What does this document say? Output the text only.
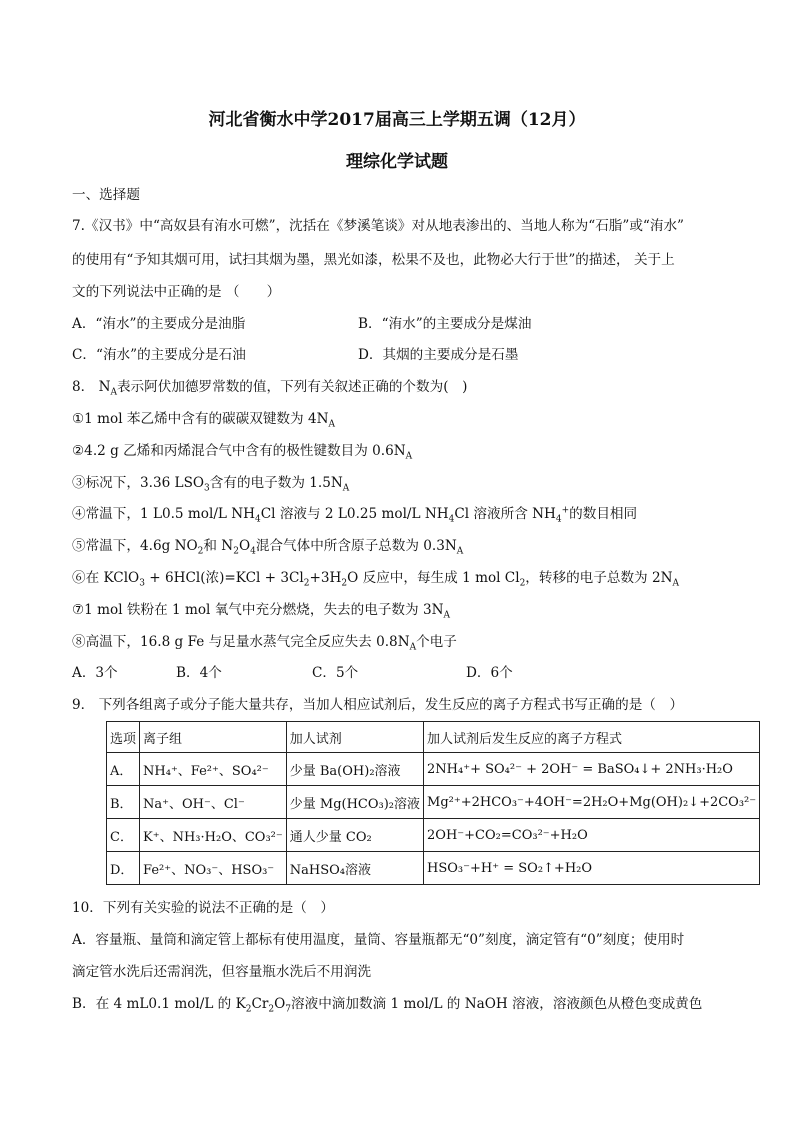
河北省衡水中学2017届高三上学期五调（12月）
理综化学试题
一、选择题
7.《汉书》中“高奴县有洧水可燃”，沈括在《梦溪笔谈》对从地表渗出的、当地人称为“石脂”或“洧水”
的使用有“予知其烟可用，试扫其烟为墨，黑光如漆，松果不及也，此物必大行于世”的描述， 关于上
文的下列说法中正确的是 （　　）
A．“洧水”的主要成分是油脂	B．“洧水”的主要成分是煤油
C．“洧水”的主要成分是石油	D．其烟的主要成分是石墨
8． $N_A$表示阿伏加德罗常数的值，下列有关叙述正确的个数为(　)
①1 mol 苯乙烯中含有的碳碳双键数为 $4N_A$
②4.2 g 乙烯和丙烯混合气中含有的极性键数目为 $0.6N_A$
③标况下，3.36 $LSO_3$含有的电子数为 $1.5N_A$
④常温下，1 L0.5 mol/L $NH_4Cl$ 溶液与 2 L0.25 mol/L $NH_4Cl$ 溶液所含 $NH_4^+$的数目相同
⑤常温下，4.6g $NO_2$和 $N_2O_4$混合气体中所含原子总数为 $0.3N_A$
⑥在 KClO$_3$ + 6HCl(浓)$=KCl + 3Cl_2+3H_2O$ 反应中，每生成 1 mol $Cl_2$，转移的电子总数为 $2N_A$
⑦1 mol 铁粉在 1 mol 氧气中充分燃烧，失去的电子数为 $3N_A$
⑧高温下，16.8 g Fe 与足量水蒸气完全反应失去 $0.8N_A$个电子
A．3个	B．4个	C．5个	D．6个
9． 下列各组离子或分子能大量共存，当加人相应试剂后，发生反应的离子方程式书写正确的是（　）
选项	离子组	加人试剂	加人试剂后发生反应的离子方程式
A．	NH₄⁺、Fe²⁺、SO₄²⁻	少量 Ba(OH)₂溶液	2NH₄⁺+ SO₄²⁻ + 2OH⁻ = BaSO₄↓+ 2NH₃·H₂O
B．	Na⁺、OH⁻、Cl⁻	少量 Mg(HCO₃)₂溶液	Mg²⁺+2HCO₃⁻+4OH⁻=2H₂O+Mg(OH)₂↓+2CO₃²⁻
C．	K⁺、NH₃·H₂O、CO₃²⁻	通人少量 CO₂	2OH⁻+CO₂=CO₃²⁻+H₂O
D．	Fe²⁺、NO₃⁻、HSO₃⁻	NaHSO₄溶液	HSO₃⁻+H⁺ = SO₂↑+H₂O
10．下列有关实验的说法不正确的是（　）
A．容量瓶、量筒和滴定管上都标有使用温度，量筒、容量瓶都无“0”刻度，滴定管有“0”刻度；使用时
滴定管水洗后还需润洗，但容量瓶水洗后不用润洗
B．在 4 mL0.1 mol/L 的 $K_2Cr_2O_7$溶液中滴加数滴 1 mol/L 的 NaOH 溶液，溶液颜色从橙色变成黄色
